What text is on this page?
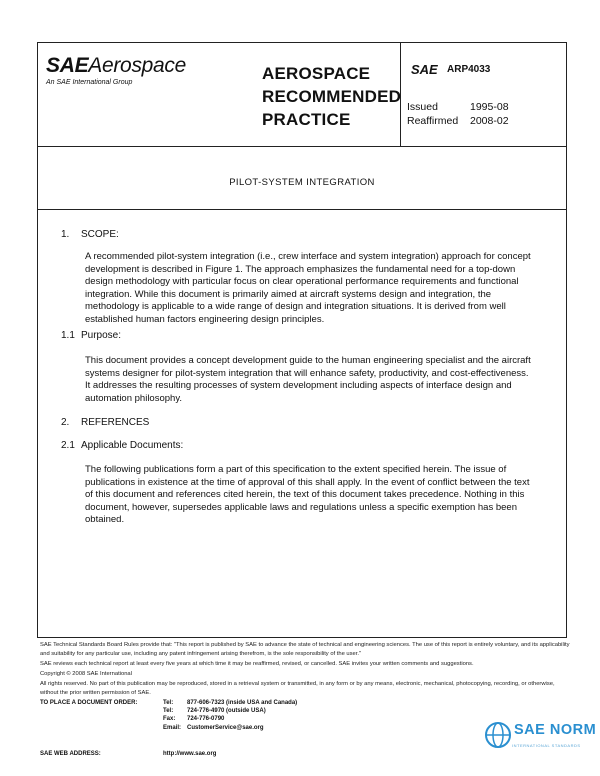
SAEAerospace
An SAE International Group	AEROSPACE
RECOMMENDED
PRACTICE
SAE ARP4033
Issued	1995-08
Reaffirmed	2008-02
PILOT-SYSTEM INTEGRATION
1. SCOPE:
A recommended pilot-system integration (i.e., crew interface and system integration) approach for concept development is described in Figure 1. The approach emphasizes the fundamental need for a top-down design methodology with particular focus on clear operational performance requirements and functional integration. While this document is primarily aimed at aircraft systems design and integration, the methodology is applicable to a wide range of design and integration situations. It is derived from well established human factors engineering design principles.
1.1 Purpose:
This document provides a concept development guide to the human engineering specialist and the aircraft systems designer for pilot-system integration that will enhance safety, productivity, and cost-effectiveness. It addresses the resulting processes of system development including aspects of interface design and automation philosophy.
2. REFERENCES
2.1 Applicable Documents:
The following publications form a part of this specification to the extent specified herein. The issue of publications in existence at the time of approval of this shall apply. In the event of conflict between the text of this document and references cited herein, the text of this document takes precedence. Nothing in this document, however, supersedes applicable laws and regulations unless a specific exemption has been obtained.
SAE Technical Standards Board Rules provide that: "This report is published by SAE to advance the state of technical and engineering sciences. The use of this report is entirely voluntary, and its applicability and suitability for any particular use, including any patent infringement arising therefrom, is the sole responsibility of the user."
SAE reviews each technical report at least every five years at which time it may be reaffirmed, revised, or cancelled. SAE invites your written comments and suggestions.
Copyright © 2008 SAE International
All rights reserved. No part of this publication may be reproduced, stored in a retrieval system or transmitted, in any form or by any means, electronic, mechanical, photocopying, recording, or otherwise, without the prior written permission of SAE.
TO PLACE A DOCUMENT ORDER:	Tel:	877-606-7323 (inside USA and Canada)
Tel:	724-776-4970 (outside USA)
Fax:	724-776-0790
Email: CustomerService@sae.org
SAE WEB ADDRESS:	http://www.sae.org
SAE NORM
INTERNATIONAL STANDARDS
